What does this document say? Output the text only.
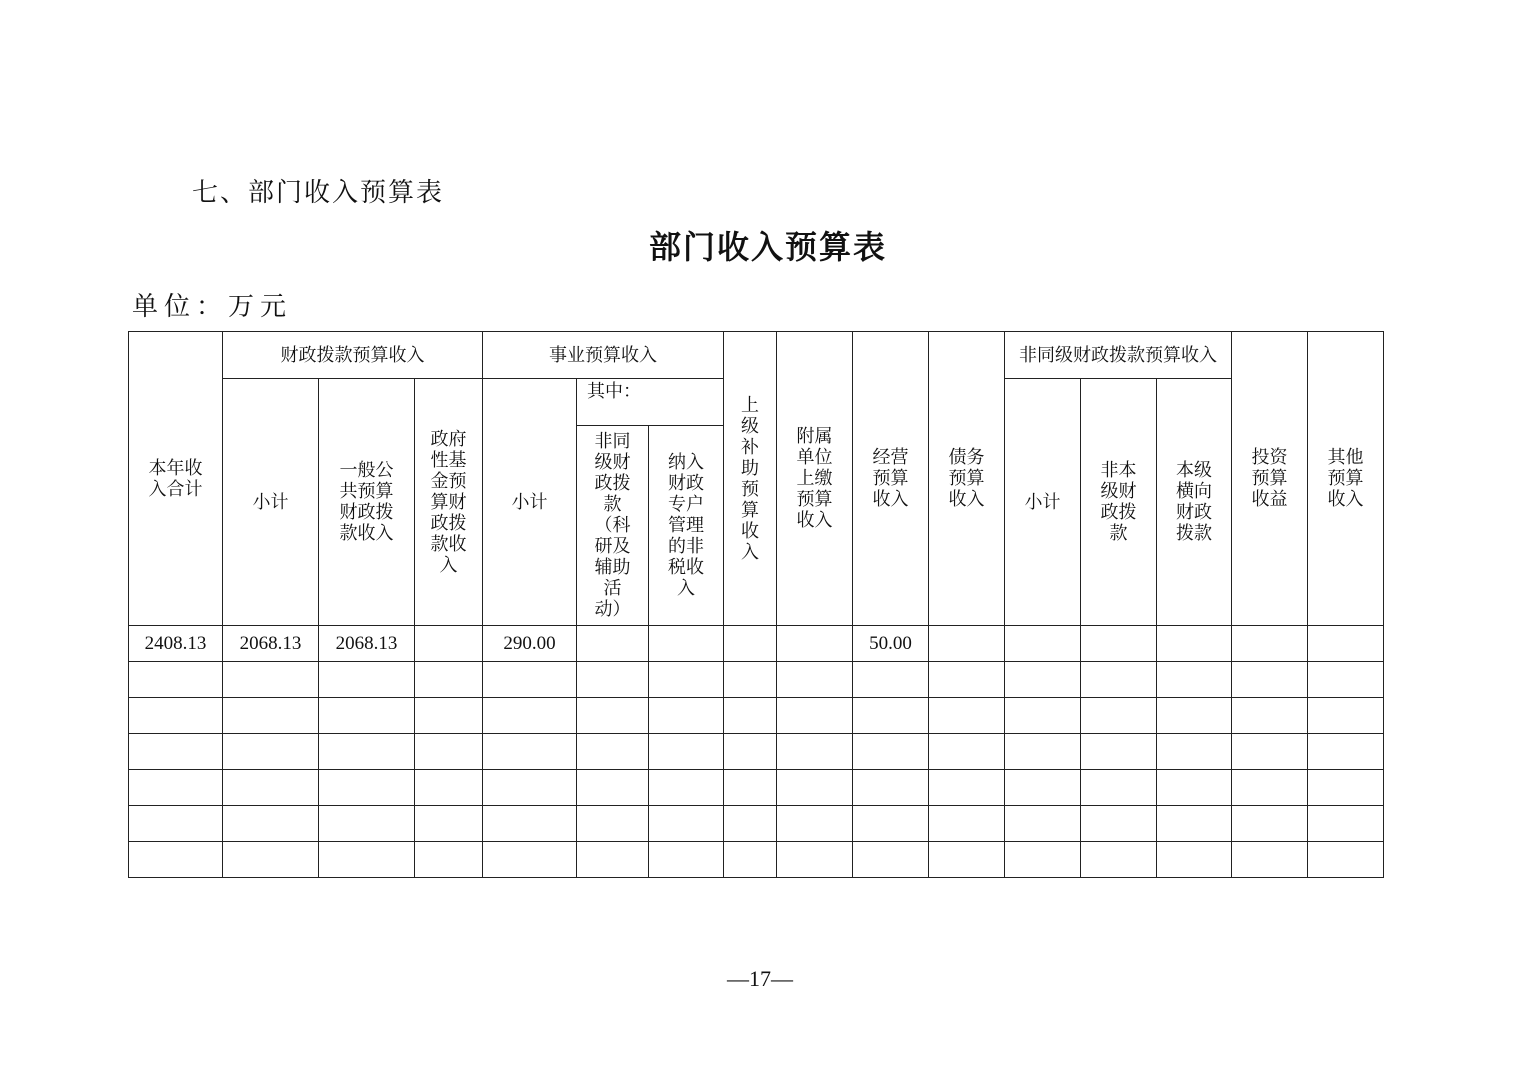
七、部门收入预算表
部门收入预算表
单位：万元
本年收入合计	财政拨款预算收入			事业预算收入			上级补助预算收入	附属单位上缴预算收入	经营预算收入	债务预算收入	非同级财政拨款预算收入			投资预算收益	其他预算收入
	小计	一般公共预算财政拨款收入	政府性基金预算财政拨款收入	小计	其中：						小计	非本级财政拨款	本级横向财政拨款		
					非同级财政拨款（科研及辅助活动）	纳入财政专户管理的非税收入									
2408.13	2068.13	2068.13		290.00					50.00						

—17—
